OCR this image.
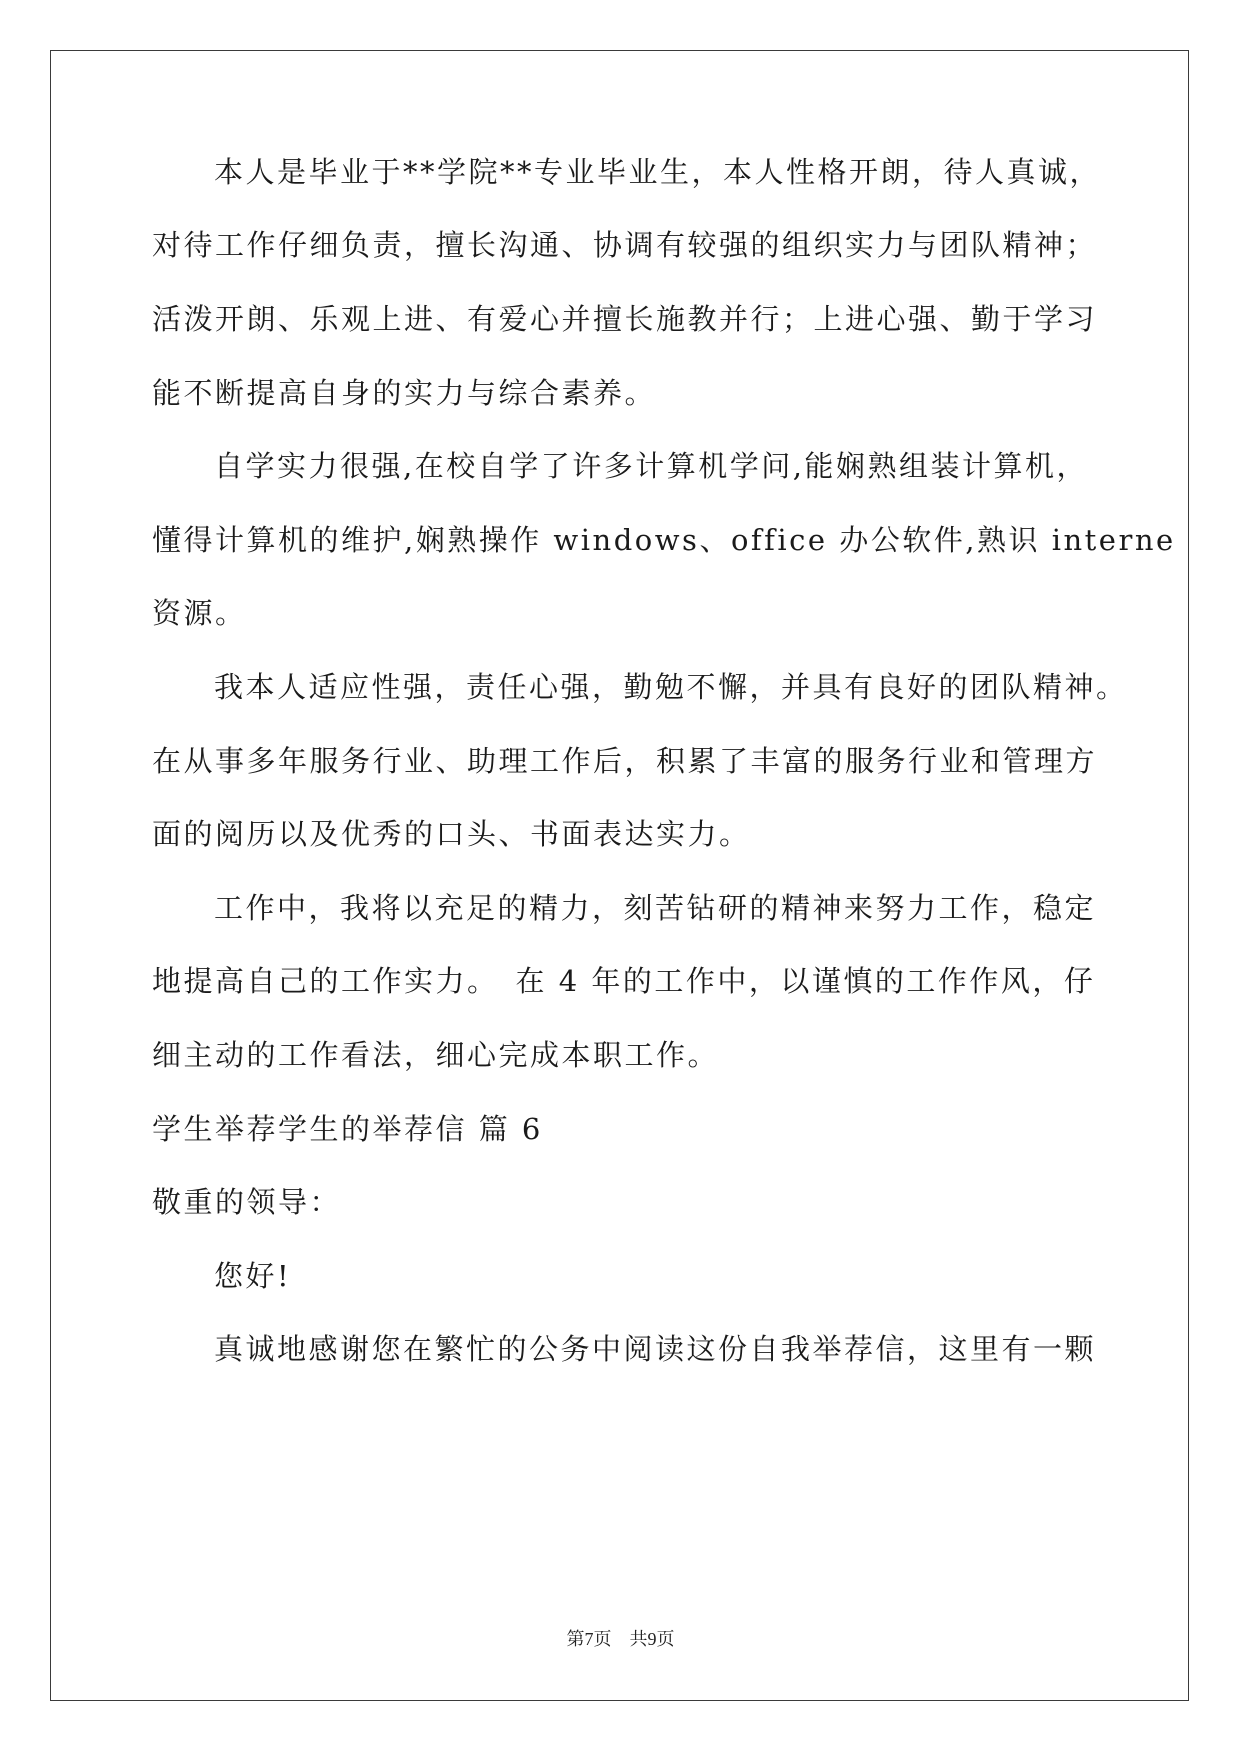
本人是毕业于**学院**专业毕业生，本人性格开朗，待人真诚，
对待工作仔细负责，擅长沟通、协调有较强的组织实力与团队精神；
活泼开朗、乐观上进、有爱心并擅长施教并行；上进心强、勤于学习
能不断提高自身的实力与综合素养。
自学实力很强,在校自学了许多计算机学问,能娴熟组装计算机，
懂得计算机的维护,娴熟操作 windows、office 办公软件,熟识 interne
资源。
我本人适应性强，责任心强，勤勉不懈，并具有良好的团队精神。
在从事多年服务行业、助理工作后，积累了丰富的服务行业和管理方
面的阅历以及优秀的口头、书面表达实力。
工作中，我将以充足的精力，刻苦钻研的精神来努力工作，稳定
地提高自己的工作实力。　在 4 年的工作中，以谨慎的工作作风，仔
细主动的工作看法，细心完成本职工作。
学生举荐学生的举荐信 篇 6
敬重的领导：
您好!
真诚地感谢您在繁忙的公务中阅读这份自我举荐信，这里有一颗
第7页　共9页
